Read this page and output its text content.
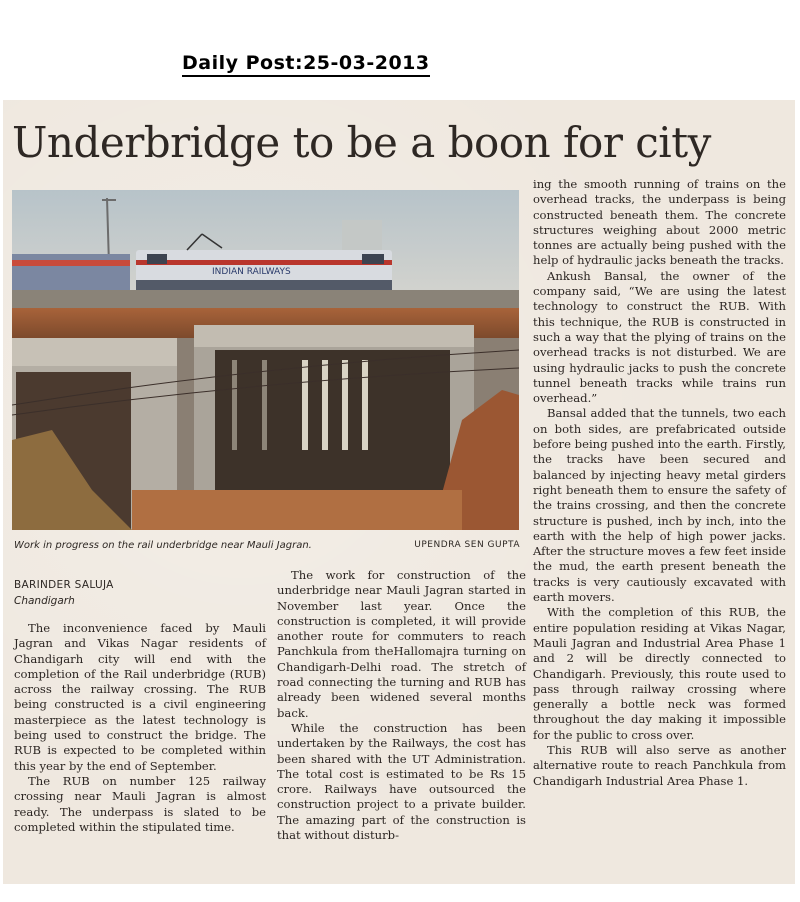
Daily Post:25-03-2013
Underbridge to be a boon for city
INDIAN RAILWAYS
Work in progress on the rail underbridge near Mauli Jagran.	UPENDRA SEN GUPTA
BARINDER SALUJA
Chandigarh

The inconvenience faced by Mauli Jagran and Vikas Nagar residents of Chandigarh city will end with the completion of the Rail underbridge (RUB) across the railway crossing. The RUB being constructed is a civil engineering masterpiece as the latest technology is being used to construct the bridge. The RUB is expected to be completed within this year by the end of September.

The RUB on number 125 railway crossing near Mauli Jagran is almost ready. The underpass is slated to be completed within the stipulated time.

The work for construction of the underbridge near Mauli Jagran started in November last year. Once the construction is completed, it will provide another route for commuters to reach Panchkula from theHallomajra turning on Chandigarh-Delhi road. The stretch of road connecting the turning and RUB has already been widened several months back.

While the construction has been undertaken by the Railways, the cost has been shared with the UT Administration. The total cost is estimated to be Rs 15 crore. Railways have outsourced the construction project to a private builder. The amazing part of the construction is that without disturb-

ing the smooth running of trains on the overhead tracks, the underpass is being constructed beneath them. The concrete structures weighing about 2000 metric tonnes are actually being pushed with the help of hydraulic jacks beneath the tracks.

Ankush Bansal, the owner of the company said, “We are using the latest technology to construct the RUB. With this technique, the RUB is constructed in such a way that the plying of trains on the overhead tracks is not disturbed. We are using hydraulic jacks to push the concrete tunnel beneath tracks while trains run overhead.”

Bansal added that the tunnels, two each on both sides, are prefabricated outside before being pushed into the earth. Firstly, the tracks have been secured and balanced by injecting heavy metal girders right beneath them to ensure the safety of the trains crossing, and then the concrete structure is pushed, inch by inch, into the earth with the help of high power jacks. After the structure moves a few feet inside the mud, the earth present beneath the tracks is very cautiously excavated with earth movers.

With the completion of this RUB, the entire population residing at Vikas Nagar, Mauli Jagran and Industrial Area Phase 1 and 2 will be directly connected to Chandigarh. Previously, this route used to pass through railway crossing where generally a bottle neck was formed throughout the day making it impossible for the public to cross over.

This RUB will also serve as another alternative route to reach Panchkula from Chandigarh Industrial Area Phase 1.
